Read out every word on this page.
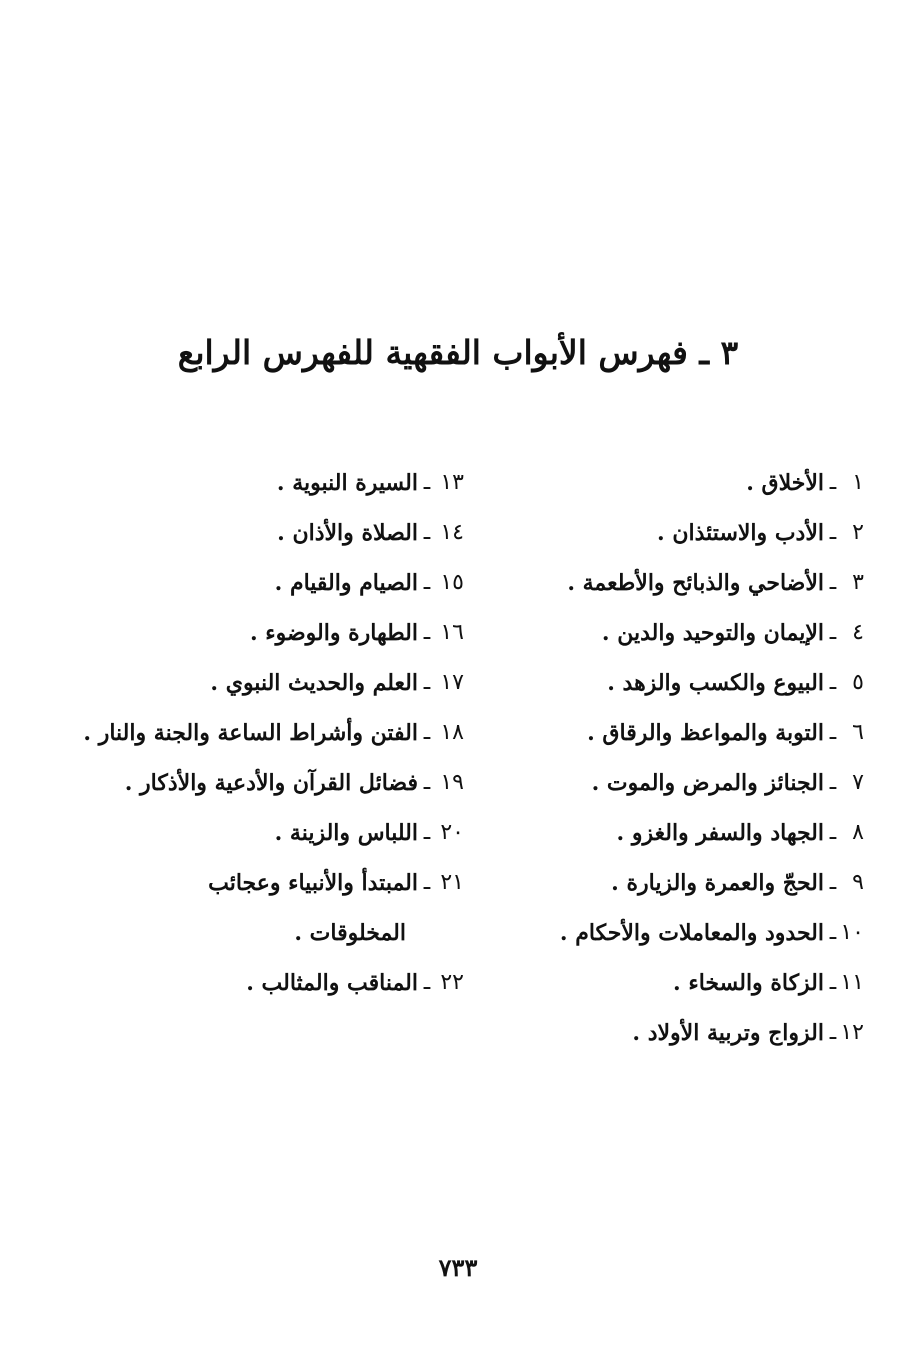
٣ ـ فهرس الأبواب الفقهية للفهرس الرابع
١
ـ
الأخلاق .
٢
ـ
الأدب والاستئذان .
٣
ـ
الأضاحي والذبائح والأطعمة .
٤
ـ
الإيمان والتوحيد والدين .
٥
ـ
البيوع والكسب والزهد .
٦
ـ
التوبة والمواعظ والرقاق .
٧
ـ
الجنائز والمرض والموت .
٨
ـ
الجهاد والسفر والغزو .
٩
ـ
الحجّ والعمرة والزيارة .
١٠
ـ
الحدود والمعاملات والأحكام .
١١
ـ
الزكاة والسخاء .
١٢
ـ
الزواج وتربية الأولاد .
١٣
ـ
السيرة النبوية .
١٤
ـ
الصلاة والأذان .
١٥
ـ
الصيام والقيام .
١٦
ـ
الطهارة والوضوء .
١٧
ـ
العلم والحديث النبوي .
١٨
ـ
الفتن وأشراط الساعة والجنة والنار .
١٩
ـ
فضائل القرآن والأدعية والأذكار .
٢٠
ـ
اللباس والزينة .
٢١
ـ
المبتدأ والأنبياء وعجائب
المخلوقات .
٢٢
ـ
المناقب والمثالب .
٧٣٣
